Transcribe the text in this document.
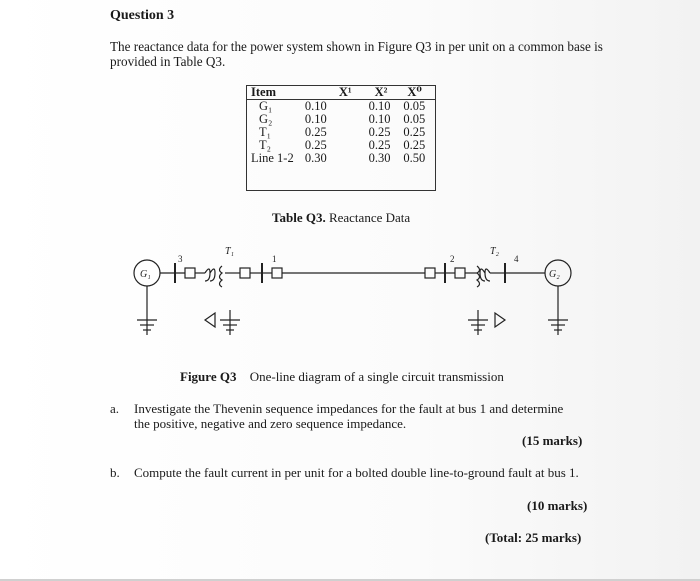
Question 3
The reactance data for the power system shown in Figure Q3 in per unit on a common base is provided in Table Q3.
Item	X¹	X²	X⁰
G₁	0.10	0.10	0.05
G₂	0.10	0.10	0.05
T₁	0.25	0.25	0.25
T₂	0.25	0.25	0.25
Line 1-2	0.30	0.30	0.50
Table Q3. Reactance Data
G₁
3
T₁
1	2
T₂
4
G₂
Figure Q3 One-line diagram of a single circuit transmission
a. Investigate the Thevenin sequence impedances for the fault at bus 1 and determine the positive, negative and zero sequence impedance.
(15 marks)
b. Compute the fault current in per unit for a bolted double line-to-ground fault at bus 1.
(10 marks)
(Total: 25 marks)
